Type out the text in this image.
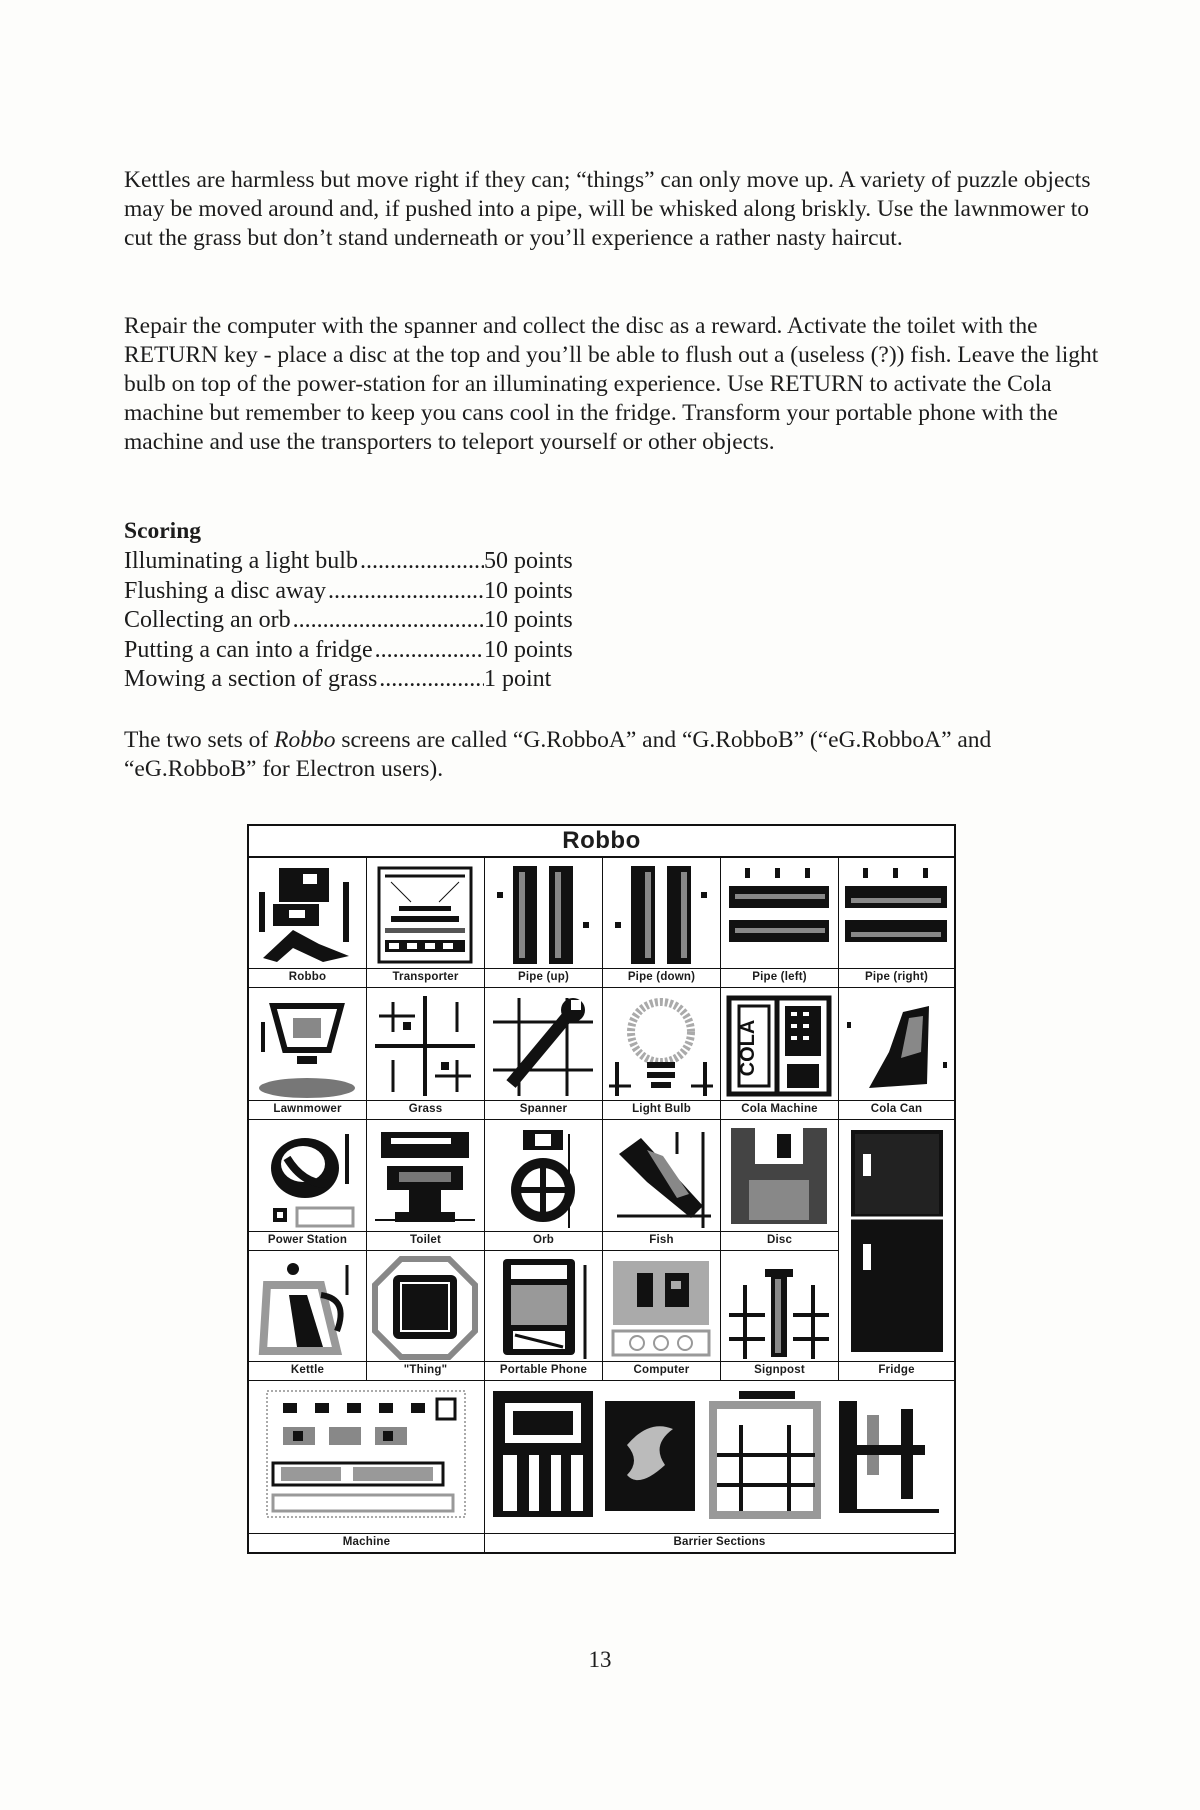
Kettles are harmless but move right if they can; “things” can only move up. A variety of puzzle objects may be moved around and, if pushed into a pipe, will be whisked along briskly. Use the lawnmower to cut the grass but don’t stand underneath or you’ll experience a rather nasty haircut.

Repair the computer with the spanner and collect the disc as a reward. Activate the toilet with the RETURN key - place a disc at the top and you’ll be able to flush out a (useless (?)) fish. Leave the light bulb on top of the power-station for an illuminating experience. Use RETURN to activate the Cola machine but remember to keep you cans cool in the fridge. Transform your portable phone with the machine and use the transporters to teleport yourself or other objects.

Scoring

Illuminating a light bulb .....	50 points
Flushing a disc away .....	10 points
Collecting an orb .....	10 points
Putting a can into a fridge .....	10 points
Mowing a section of grass .....	1 point

The two sets of Robbo screens are called “G.RobboA” and “G.RobboB” (“eG.RobboA” and “eG.RobboB” for Electron users).

Robbo
Robbo	Transporter	Pipe (up)	Pipe (down)	Pipe (left)	Pipe (right)
Lawnmower	Grass	Spanner	Light Bulb
COLA
Cola Machine	Cola Can
Power Station	Toilet	Orb	Fish	Disc
Fridge
Kettle	"Thing"	Portable Phone	Computer	Signpost
Machine	Barrier Sections
13
